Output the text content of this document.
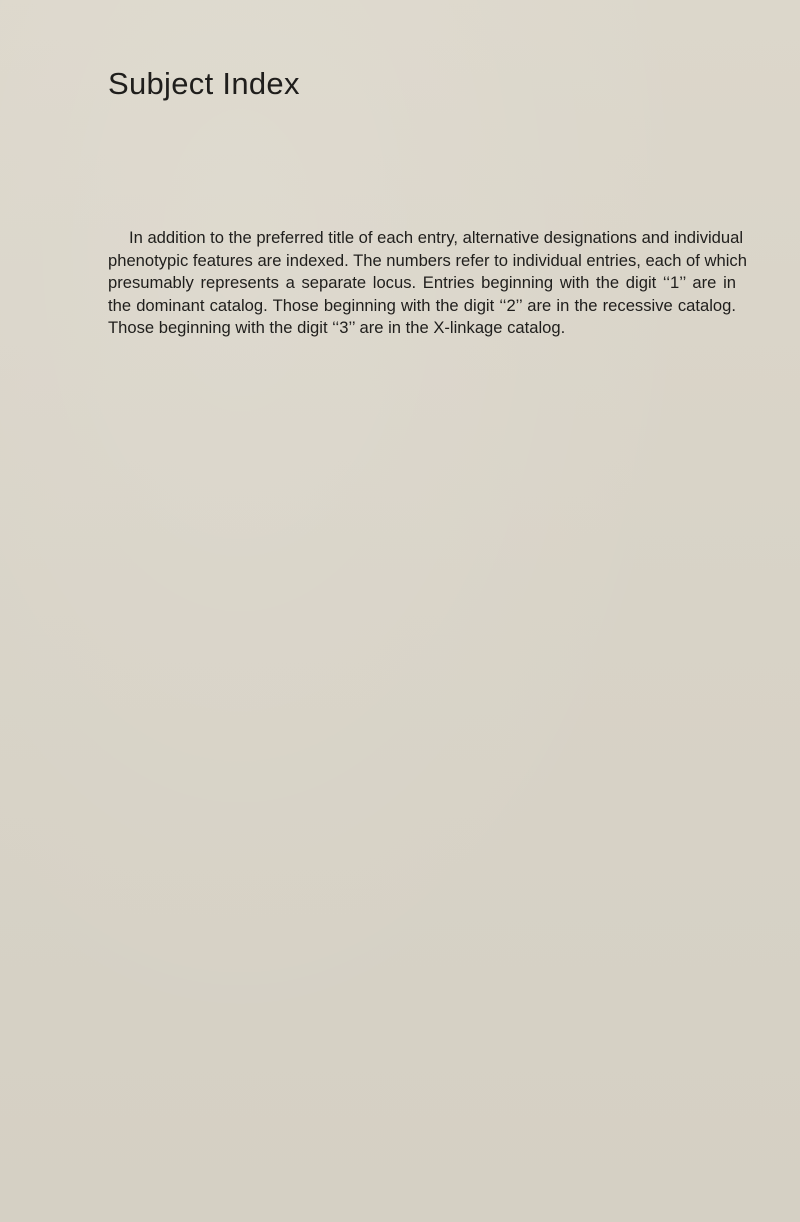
Subject Index

In addition to the preferred title of each entry, alternative designations and individual
phenotypic features are indexed. The numbers refer to individual entries, each of which
presumably represents a separate locus. Entries beginning with the digit ‘‘1’’ are in
the dominant catalog. Those beginning with the digit ‘‘2’’ are in the recessive catalog.
Those beginning with the digit ‘‘3’’ are in the X-linkage catalog.
